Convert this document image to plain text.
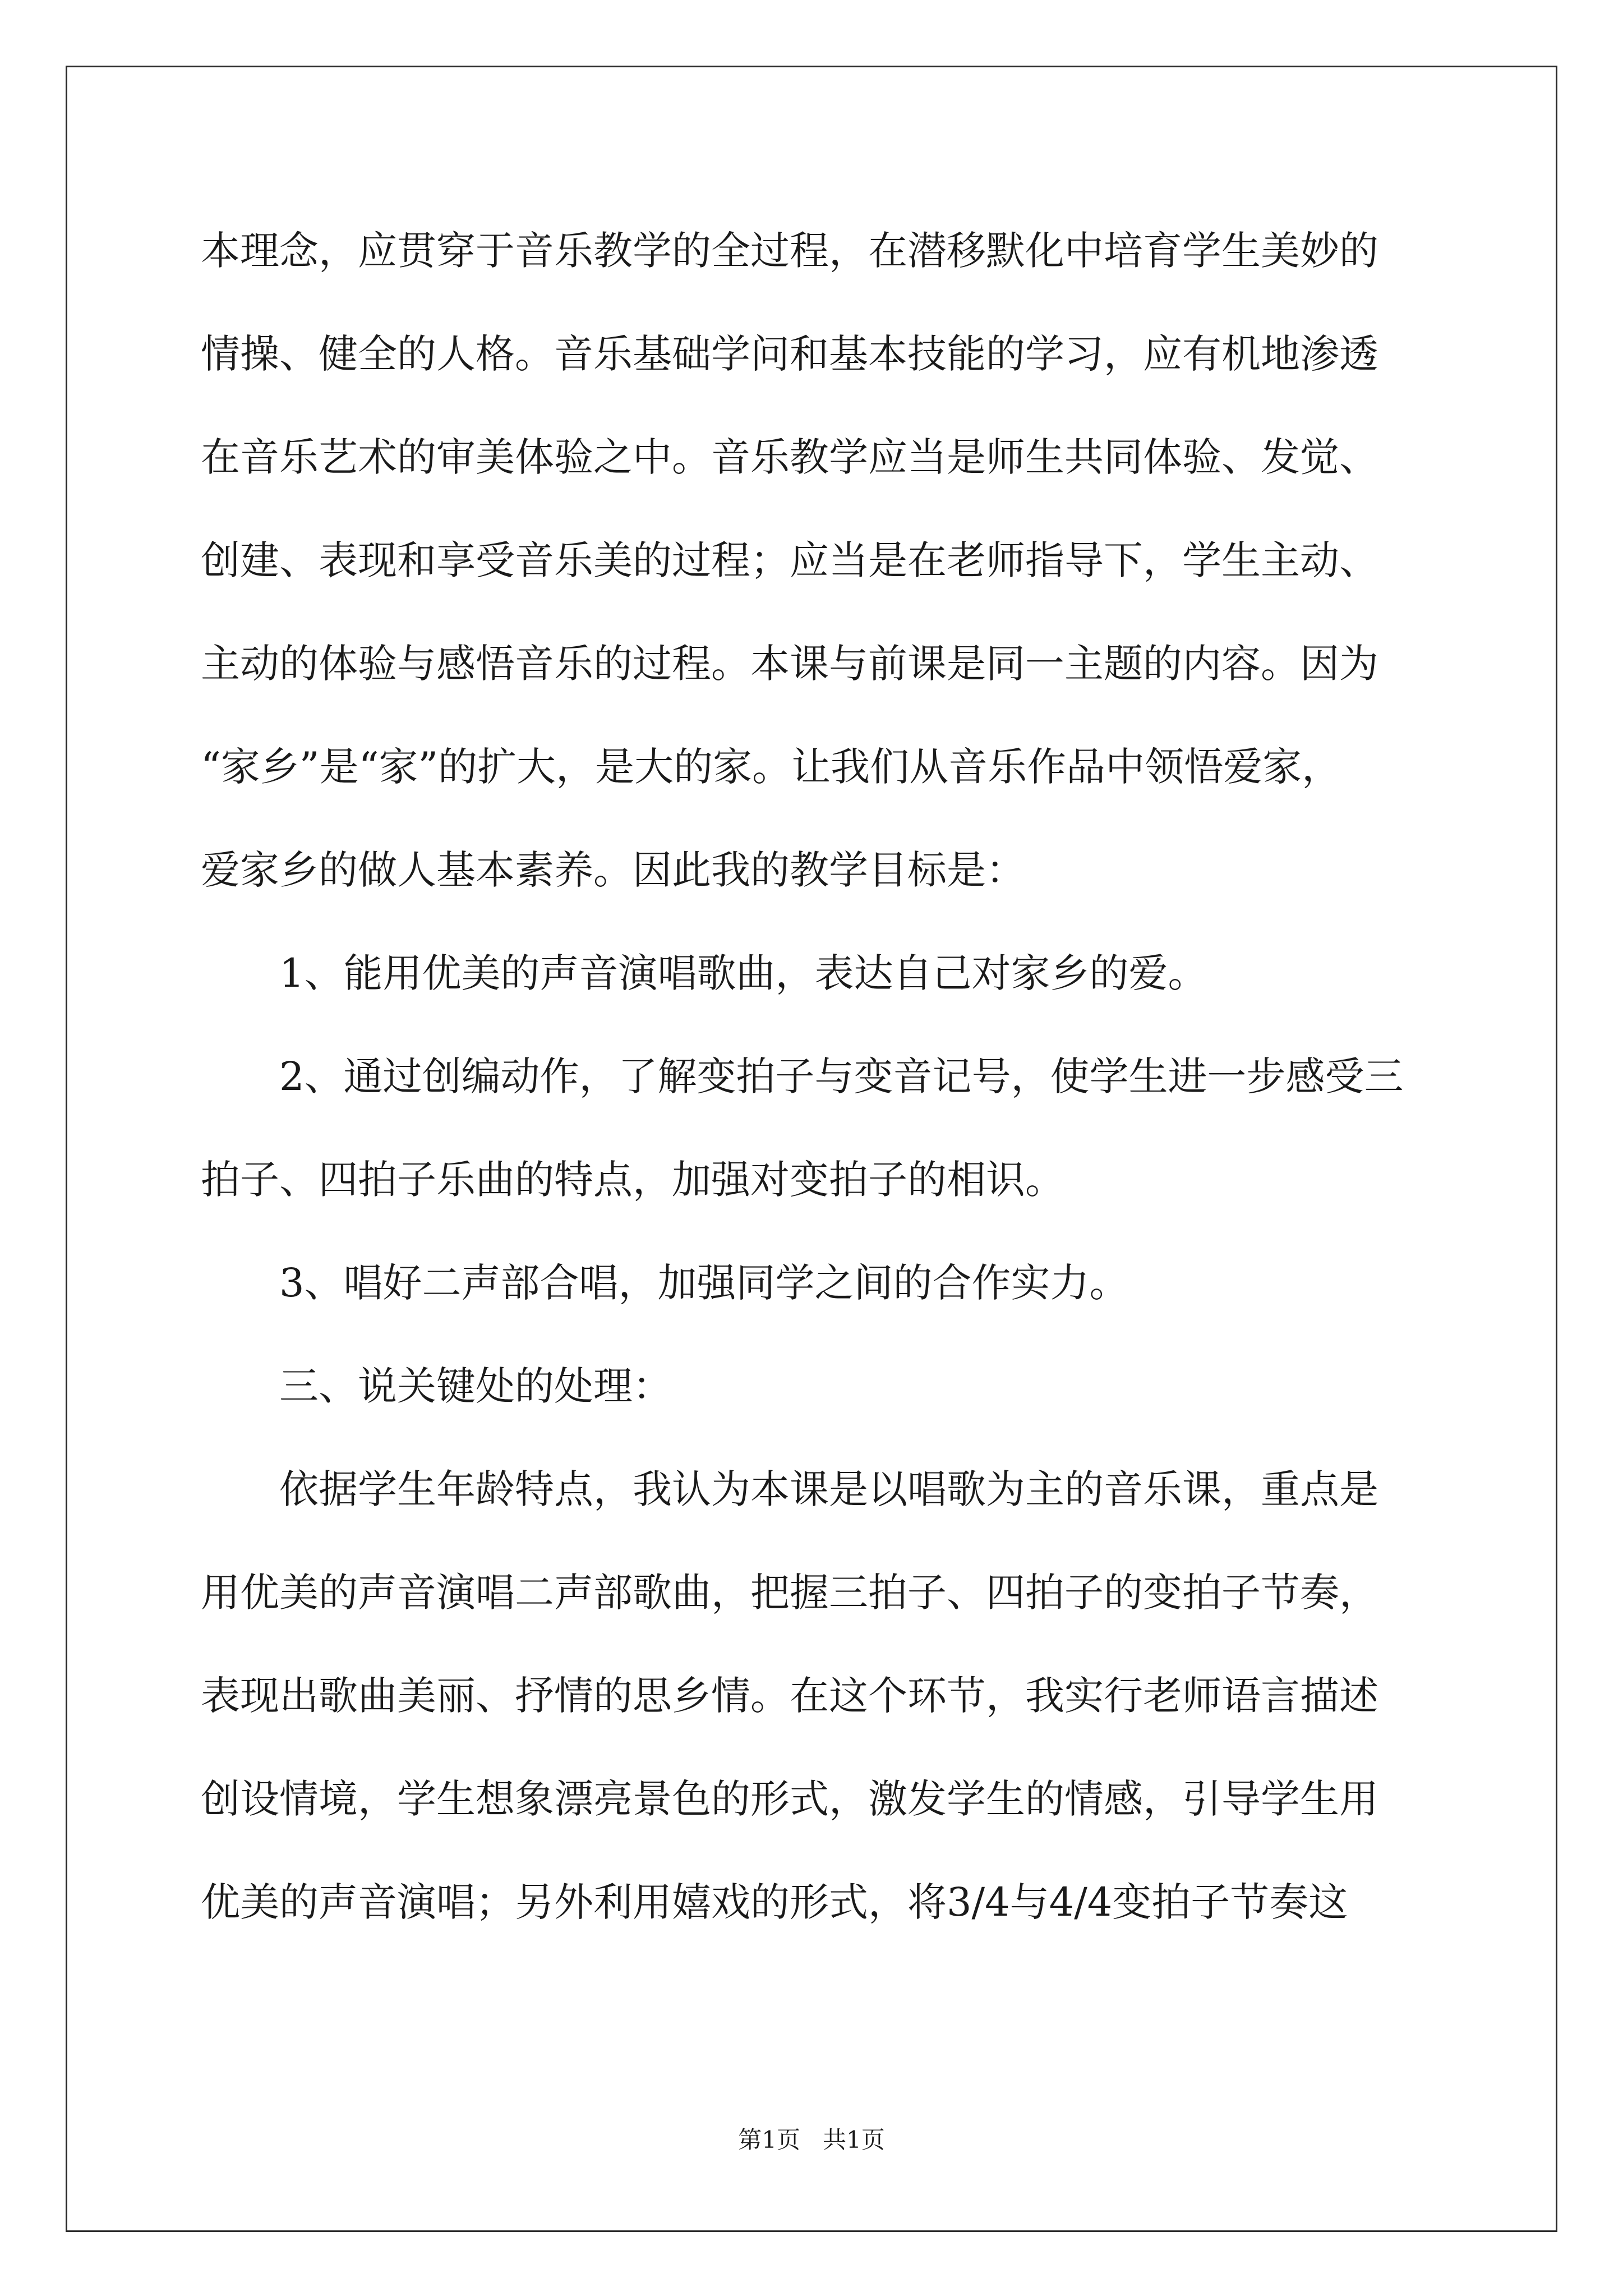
本理念，应贯穿于音乐教学的全过程，在潜移默化中培育学生美妙的
情操、健全的人格。音乐基础学问和基本技能的学习，应有机地渗透
在音乐艺术的审美体验之中。音乐教学应当是师生共同体验、发觉、
创建、表现和享受音乐美的过程；应当是在老师指导下，学生主动、
主动的体验与感悟音乐的过程。本课与前课是同一主题的内容。因为
“家乡”是“家”的扩大，是大的家。让我们从音乐作品中领悟爱家，
爱家乡的做人基本素养。因此我的教学目标是：
1、能用优美的声音演唱歌曲，表达自己对家乡的爱。
2、通过创编动作，了解变拍子与变音记号，使学生进一步感受三
拍子、四拍子乐曲的特点，加强对变拍子的相识。
3、唱好二声部合唱，加强同学之间的合作实力。
三、说关键处的处理：
依据学生年龄特点，我认为本课是以唱歌为主的音乐课，重点是
用优美的声音演唱二声部歌曲，把握三拍子、四拍子的变拍子节奏，
表现出歌曲美丽、抒情的思乡情。在这个环节，我实行老师语言描述
创设情境，学生想象漂亮景色的形式，激发学生的情感，引导学生用
优美的声音演唱；另外利用嬉戏的形式，将3/4与4/4变拍子节奏这
第1页   共1页
